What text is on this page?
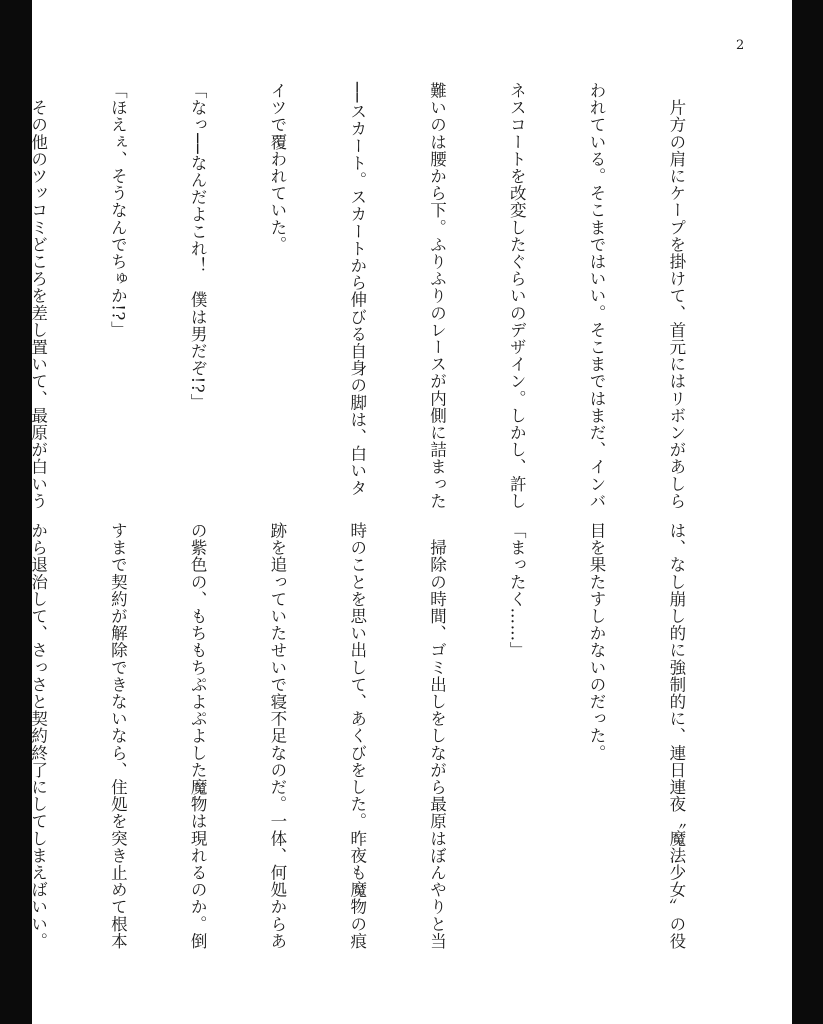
2

　片方の肩にケープを掛けて、首元にはリボンがあしら

われている。そこまではいい。そこまではまだ、インバ

ネスコートを改変したぐらいのデザイン。しかし、許し

難いのは腰から下。ふりふりのレースが内側に詰まった

──スカート。スカートから伸びる自身の脚は、白いタ

イツで覆われていた。

「なっ──なんだよこれ！　僕は男だぞ!?」

「ほえぇ、そうなんでちゅか!?」

　その他のツッコミどころを差し置いて、最原が白いう

は、なし崩し的に強制的に、連日連夜〝魔法少女〟の役

目を果たすしかないのだった。

「まったく……」

　掃除の時間、ゴミ出しをしながら最原はぼんやりと当

時のことを思い出して、あくびをした。昨夜も魔物の痕

跡を追っていたせいで寝不足なのだ。一体、何処からあ

の紫色の、もちもちぷよぷよした魔物は現れるのか。倒

すまで契約が解除できないなら、住処を突き止めて根本

から退治して、さっさと契約終了にしてしまえばいい。
